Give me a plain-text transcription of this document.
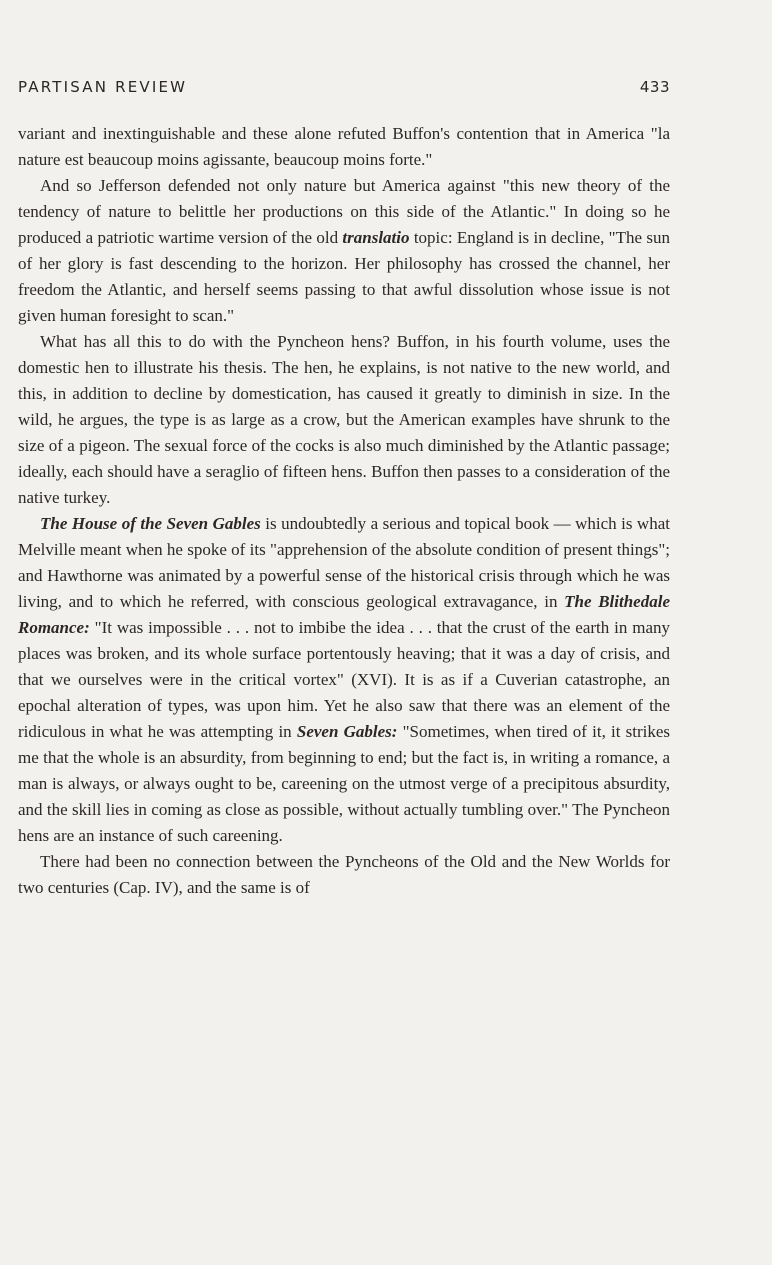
PARTISAN REVIEW	433

variant and inextinguishable and these alone refuted Buffon's contention that in America "la nature est beaucoup moins agissante, beaucoup moins forte."

And so Jefferson defended not only nature but America against "this new theory of the tendency of nature to belittle her productions on this side of the Atlantic." In doing so he produced a patriotic wartime version of the old translatio topic: England is in decline, "The sun of her glory is fast descending to the horizon. Her philosophy has crossed the channel, her freedom the Atlantic, and herself seems passing to that awful dissolution whose issue is not given human foresight to scan."

What has all this to do with the Pyncheon hens? Buffon, in his fourth volume, uses the domestic hen to illustrate his thesis. The hen, he explains, is not native to the new world, and this, in addition to decline by domestication, has caused it greatly to diminish in size. In the wild, he argues, the type is as large as a crow, but the American examples have shrunk to the size of a pigeon. The sexual force of the cocks is also much diminished by the Atlantic passage; ideally, each should have a seraglio of fifteen hens. Buffon then passes to a consideration of the native turkey.

The House of the Seven Gables is undoubtedly a serious and topical book — which is what Melville meant when he spoke of its "apprehension of the absolute condition of present things"; and Hawthorne was animated by a powerful sense of the historical crisis through which he was living, and to which he referred, with conscious geological extravagance, in The Blithedale Romance: "It was impossible . . . not to imbibe the idea . . . that the crust of the earth in many places was broken, and its whole surface portentously heaving; that it was a day of crisis, and that we ourselves were in the critical vortex" (XVI). It is as if a Cuverian catastrophe, an epochal alteration of types, was upon him. Yet he also saw that there was an element of the ridiculous in what he was attempting in Seven Gables: "Sometimes, when tired of it, it strikes me that the whole is an absurdity, from beginning to end; but the fact is, in writing a romance, a man is always, or always ought to be, careening on the utmost verge of a precipitous absurdity, and the skill lies in coming as close as possible, without actually tumbling over." The Pyncheon hens are an instance of such careening.

There had been no connection between the Pyncheons of the Old and the New Worlds for two centuries (Cap. IV), and the same is of
